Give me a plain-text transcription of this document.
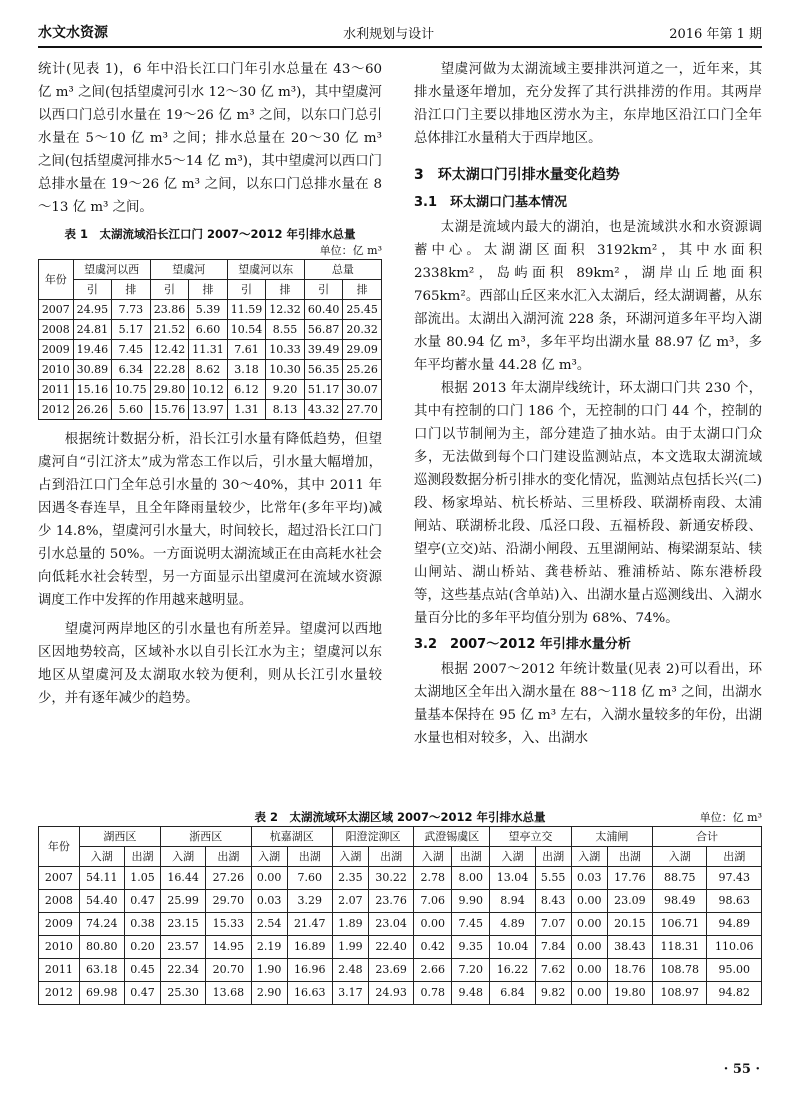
水文水资源	水利规划与设计	2016 年第 1 期

统计(见表 1)，6 年中沿长江口门年引水总量在 43～60 亿 m³ 之间(包括望虞河引水 12～30 亿 m³)，其中望虞河以西口门总引水量在 19～26 亿 m³ 之间，以东口门总引水量在 5～10 亿 m³ 之间；排水总量在 20～30 亿 m³ 之间(包括望虞河排水5～14 亿 m³)，其中望虞河以西口门总排水量在 19～26 亿 m³ 之间，以东口门总排水量在 8～13 亿 m³ 之间。

表 1　太湖流域沿长江口门 2007～2012 年引排水总量
单位：亿 m³
年份	望虞河以西		望虞河		望虞河以东		总量	
	引	排	引	排	引	排	引	排
2007	24.95	7.73	23.86	5.39	11.59	12.32	60.40	25.45
2008	24.81	5.17	21.52	6.60	10.54	8.55	56.87	20.32
2009	19.46	7.45	12.42	11.31	7.61	10.33	39.49	29.09
2010	30.89	6.34	22.28	8.62	3.18	10.30	56.35	25.26
2011	15.16	10.75	29.80	10.12	6.12	9.20	51.17	30.07
2012	26.26	5.60	15.76	13.97	1.31	8.13	43.32	27.70

根据统计数据分析，沿长江引水量有降低趋势，但望虞河自“引江济太”成为常态工作以后，引水量大幅增加，占到沿江口门全年总引水量的 30～40%，其中 2011 年因遇冬春连旱，且全年降雨量较少，比常年(多年平均)减少 14.8%，望虞河引水量大，时间较长，超过沿长江口门引水总量的 50%。一方面说明太湖流域正在由高耗水社会向低耗水社会转型，另一方面显示出望虞河在流域水资源调度工作中发挥的作用越来越明显。

望虞河两岸地区的引水量也有所差异。望虞河以西地区因地势较高，区域补水以自引长江水为主；望虞河以东地区从望虞河及太湖取水较为便利，则从长江引水量较少，并有逐年减少的趋势。

望虞河做为太湖流域主要排洪河道之一，近年来，其排水量逐年增加，充分发挥了其行洪排涝的作用。其两岸沿江口门主要以排地区涝水为主，东岸地区沿江口门全年总体排江水量稍大于西岸地区。

3　环太湖口门引排水量变化趋势
3.1　环太湖口门基本情况

太湖是流域内最大的湖泊，也是流域洪水和水资源调蓄中心。太湖湖区面积 3192km²，其中水面积 2338km²，岛屿面积 89km²，湖岸山丘地面积 765km²。西部山丘区来水汇入太湖后，经太湖调蓄，从东部流出。太湖出入湖河流 228 条，环湖河道多年平均入湖水量 80.94 亿 m³，多年平均出湖水量 88.97 亿 m³，多年平均蓄水量 44.28 亿 m³。

根据 2013 年太湖岸线统计，环太湖口门共 230 个，其中有控制的口门 186 个，无控制的口门 44 个，控制的口门以节制闸为主，部分建造了抽水站。由于太湖口门众多，无法做到每个口门建设监测站点，本文选取太湖流域巡测段数据分析引排水的变化情况，监测站点包括长兴(二)段、杨家埠站、杭长桥站、三里桥段、联湖桥南段、太浦闸站、联湖桥北段、瓜泾口段、五福桥段、新通安桥段、望亭(立交)站、沿湖小闸段、五里湖闸站、梅梁湖泵站、犊山闸站、湖山桥站、龚巷桥站、雅浦桥站、陈东港桥段等，这些基点站(含单站)入、出湖水量占巡测线出、入湖水量百分比的多年平均值分别为 68%、74%。

3.2　2007～2012 年引排水量分析

根据 2007～2012 年统计数量(见表 2)可以看出，环太湖地区全年出入湖水量在 88～118 亿 m³ 之间，出湖水量基本保持在 95 亿 m³ 左右，入湖水量较多的年份，出湖水量也相对较多，入、出湖水

表 2　太湖流域环太湖区域 2007～2012 年引排水总量	单位：亿 m³
年份	湖西区		浙西区		杭嘉湖区		阳澄淀泖区		武澄锡虞区		望亭立交		太浦闸		合计	
	入湖	出湖	入湖	出湖	入湖	出湖	入湖	出湖	入湖	出湖	入湖	出湖	入湖	出湖	入湖	出湖
2007	54.11	1.05	16.44	27.26	0.00	7.60	2.35	30.22	2.78	8.00	13.04	5.55	0.03	17.76	88.75	97.43
2008	54.40	0.47	25.99	29.70	0.03	3.29	2.07	23.76	7.06	9.90	8.94	8.43	0.00	23.09	98.49	98.63
2009	74.24	0.38	23.15	15.33	2.54	21.47	1.89	23.04	0.00	7.45	4.89	7.07	0.00	20.15	106.71	94.89
2010	80.80	0.20	23.57	14.95	2.19	16.89	1.99	22.40	0.42	9.35	10.04	7.84	0.00	38.43	118.31	110.06
2011	63.18	0.45	22.34	20.70	1.90	16.96	2.48	23.69	2.66	7.20	16.22	7.62	0.00	18.76	108.78	95.00
2012	69.98	0.47	25.30	13.68	2.90	16.63	3.17	24.93	0.78	9.48	6.84	9.82	0.00	19.80	108.97	94.82
· 55 ·
